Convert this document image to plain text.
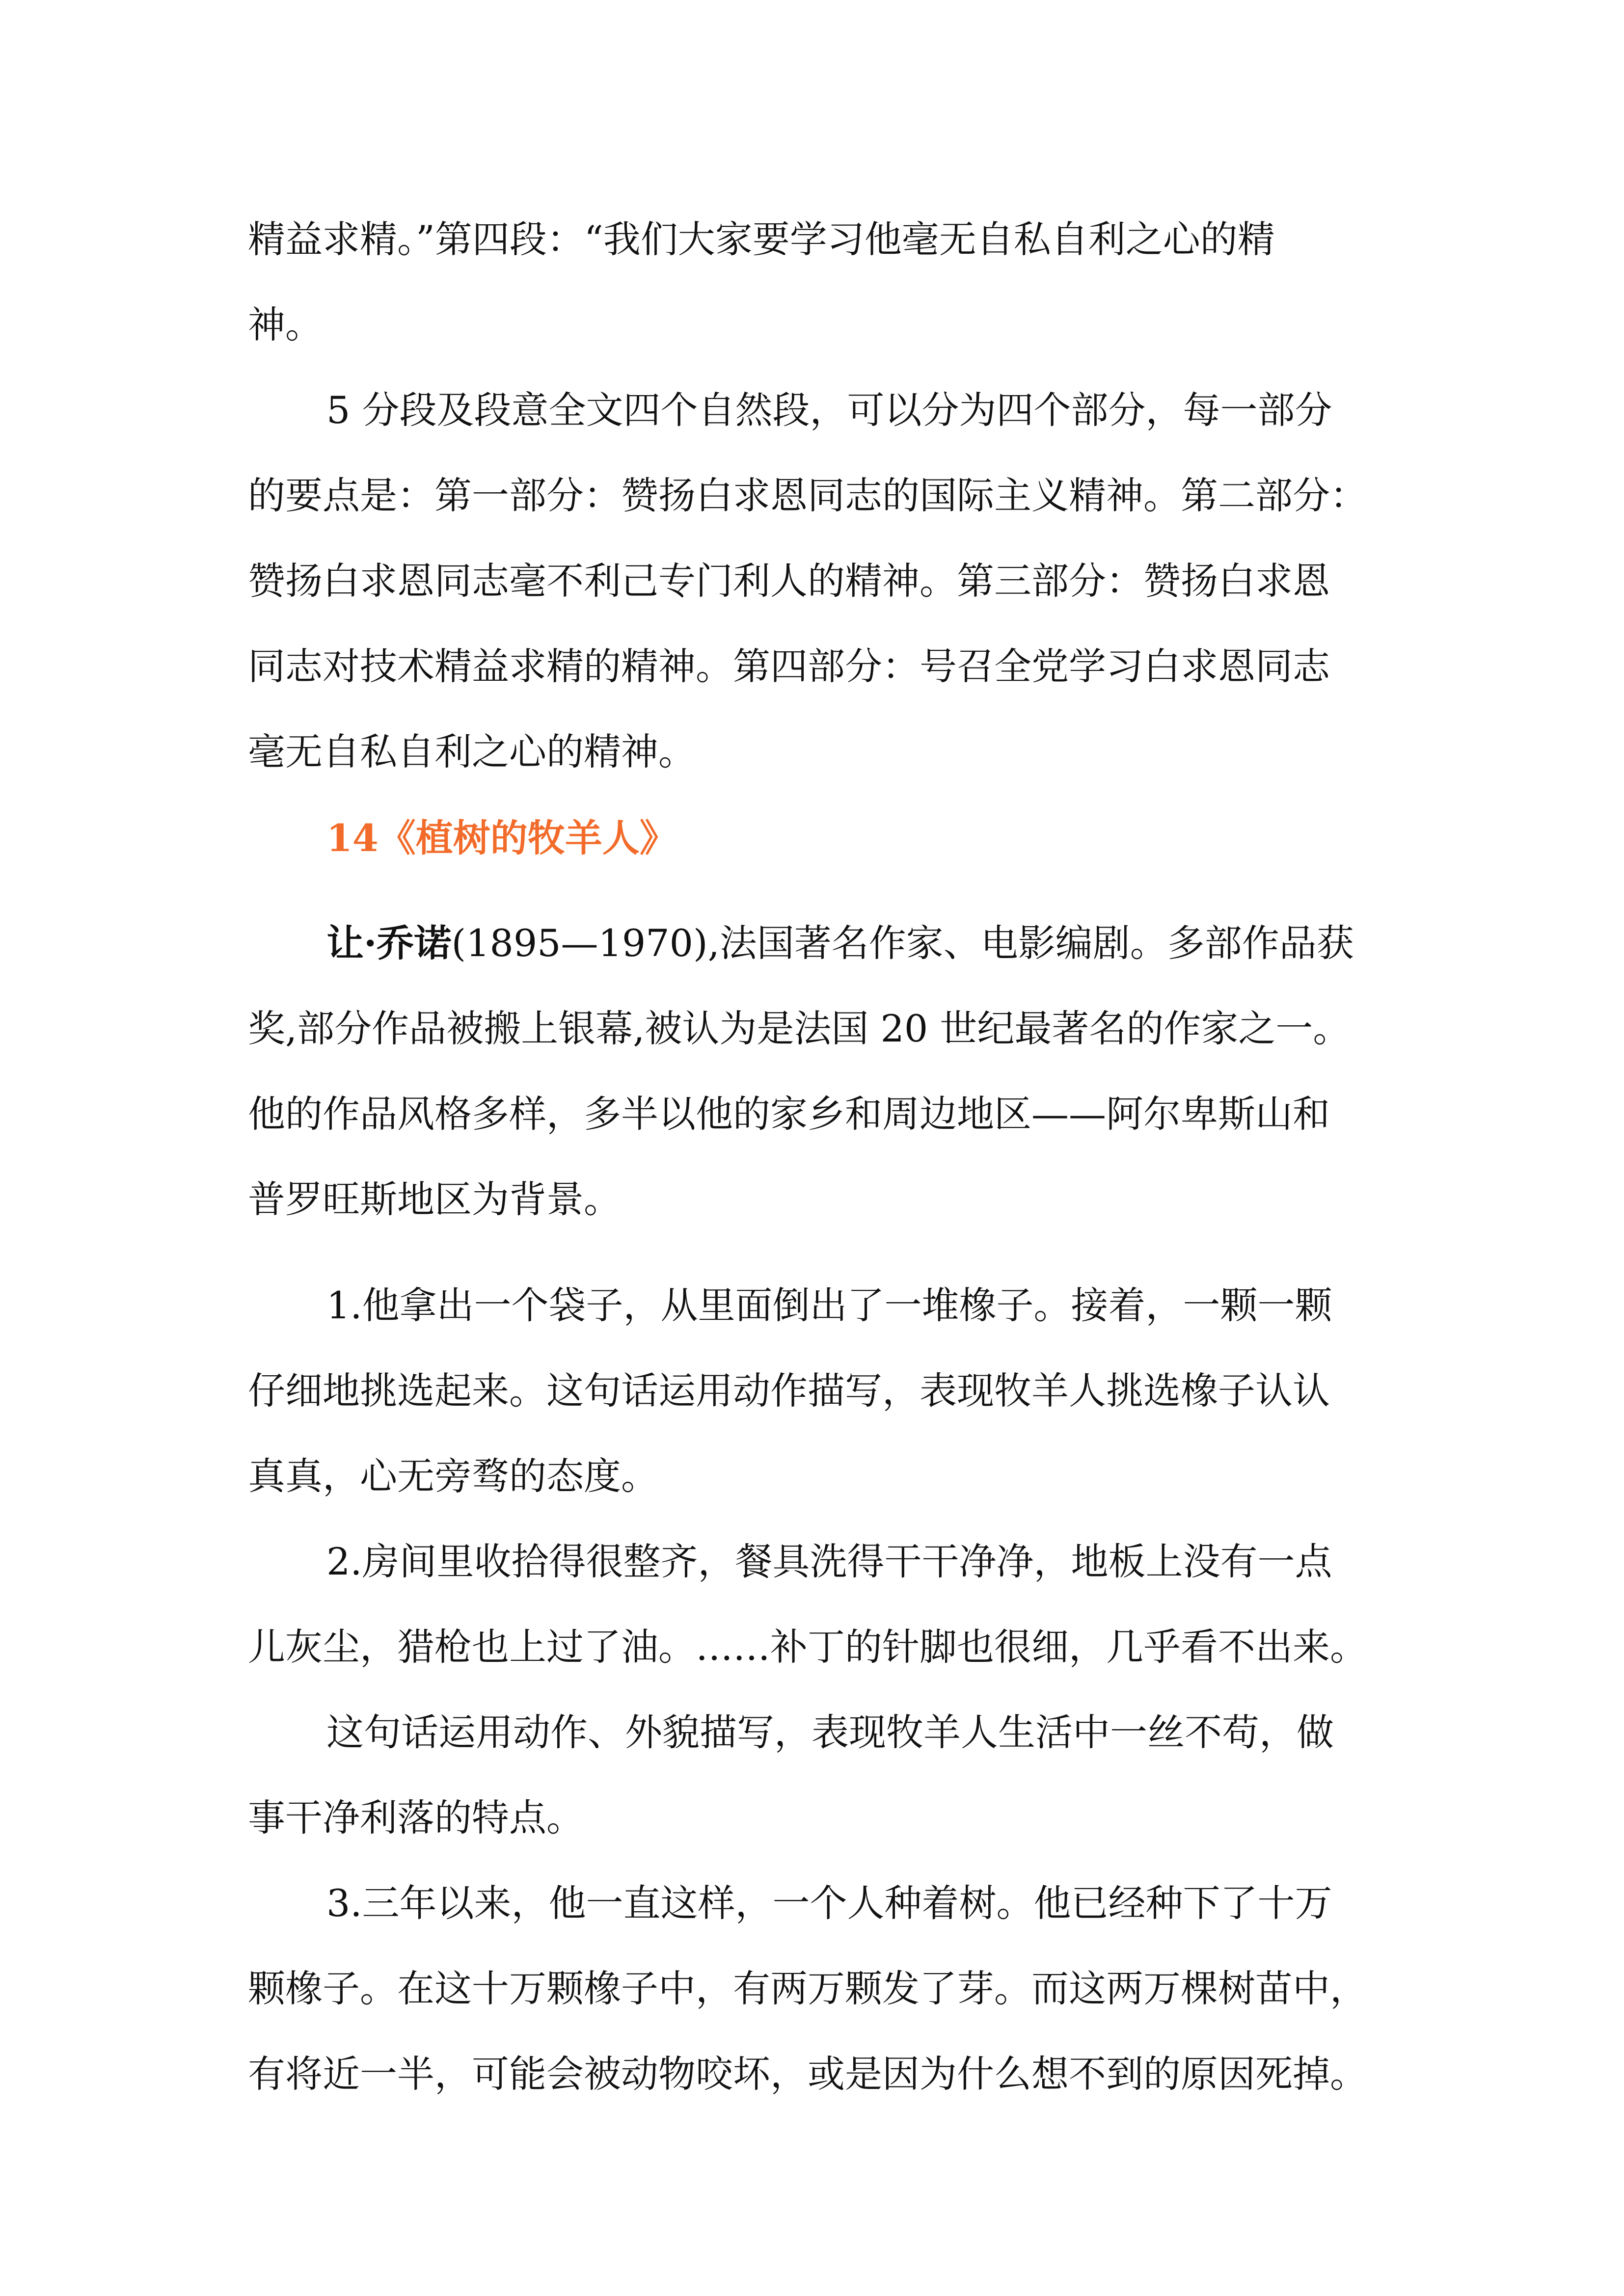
精益求精。”第四段：“我们大家要学习他毫无自私自利之心的精
神。
5 分段及段意全文四个自然段，可以分为四个部分，每一部分
的要点是：第一部分：赞扬白求恩同志的国际主义精神。第二部分：
赞扬白求恩同志毫不利己专门利人的精神。第三部分：赞扬白求恩
同志对技术精益求精的精神。第四部分：号召全党学习白求恩同志
毫无自私自利之心的精神。
14《植树的牧羊人》
让·乔诺(1895—1970),法国著名作家、电影编剧。多部作品获
奖,部分作品被搬上银幕,被认为是法国 20 世纪最著名的作家之一。
他的作品风格多样，多半以他的家乡和周边地区——阿尔卑斯山和
普罗旺斯地区为背景。
1.他拿出一个袋子，从里面倒出了一堆橡子。接着，一颗一颗
仔细地挑选起来。这句话运用动作描写，表现牧羊人挑选橡子认认
真真，心无旁骛的态度。
2.房间里收拾得很整齐，餐具洗得干干净净，地板上没有一点
儿灰尘，猎枪也上过了油。……补丁的针脚也很细，几乎看不出来。
这句话运用动作、外貌描写，表现牧羊人生活中一丝不苟，做
事干净利落的特点。
3.三年以来，他一直这样，一个人种着树。他已经种下了十万
颗橡子。在这十万颗橡子中，有两万颗发了芽。而这两万棵树苗中，
有将近一半，可能会被动物咬坏，或是因为什么想不到的原因死掉。
